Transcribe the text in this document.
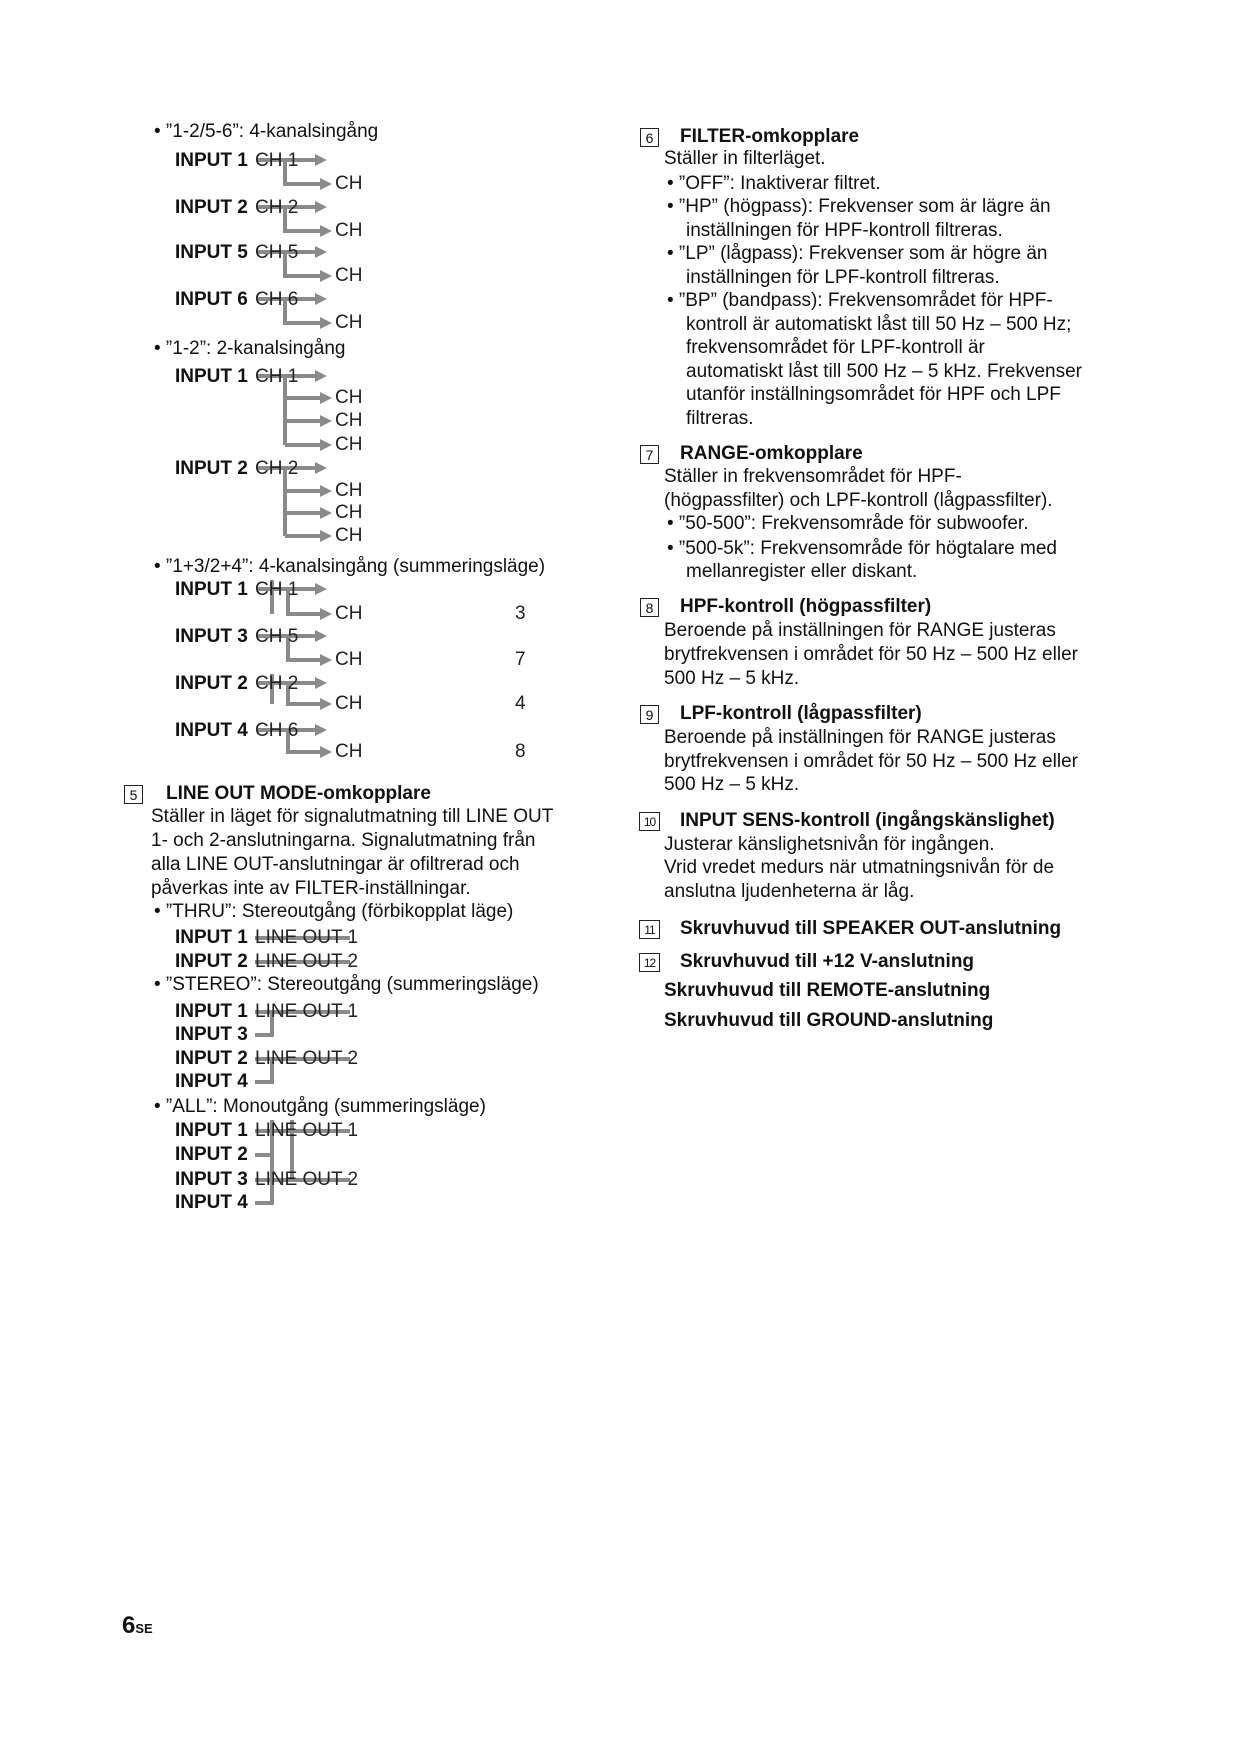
• ”1-2/5-6”: 4-kanalsingång
INPUT 1 CH 1
CH
INPUT 2 CH 2
CH
INPUT 5 CH 5
CH
INPUT 6 CH 6
CH
• ”1-2”: 2-kanalsingång
INPUT 1 CH 1
CH
CH
CH
INPUT 2 CH 2
CH
CH
CH
• ”1+3/2+4”: 4-kanalsingång (summeringsläge)
INPUT 1 CH 1
CH	3
INPUT 3 CH 5
CH	7
INPUT 2 CH 2
CH	4
INPUT 4 CH 6
CH	8
5 LINE OUT MODE-omkopplare
Ställer in läget för signalutmatning till LINE OUT
1- och 2-anslutningarna. Signalutmatning från
alla LINE OUT-anslutningar är ofiltrerad och
påverkas inte av FILTER-inställningar.
• ”THRU”: Stereoutgång (förbikopplat läge)
INPUT 1 LINE OUT 1
INPUT 2 LINE OUT 2
• ”STEREO”: Stereoutgång (summeringsläge)
INPUT 1 LINE OUT 1
INPUT 3
INPUT 2 LINE OUT 2
INPUT 4
• ”ALL”: Monoutgång (summeringsläge)
INPUT 1 LINE OUT 1
INPUT 2
INPUT 3 LINE OUT 2
INPUT 4
6 FILTER-omkopplare
Ställer in filterläget.
• ”OFF”: Inaktiverar filtret.
• ”HP” (högpass): Frekvenser som är lägre än
inställningen för HPF-kontroll filtreras.
• ”LP” (lågpass): Frekvenser som är högre än
inställningen för LPF-kontroll filtreras.
• ”BP” (bandpass): Frekvensområdet för HPF-
kontroll är automatiskt låst till 50 Hz – 500 Hz;
frekvensområdet för LPF-kontroll är
automatiskt låst till 500 Hz – 5 kHz. Frekvenser
utanför inställningsområdet för HPF och LPF
filtreras.
7 RANGE-omkopplare
Ställer in frekvensområdet för HPF-
(högpassfilter) och LPF-kontroll (lågpassfilter).
• ”50-500”: Frekvensområde för subwoofer.
• ”500-5k”: Frekvensområde för högtalare med
mellanregister eller diskant.
8 HPF-kontroll (högpassfilter)
Beroende på inställningen för RANGE justeras
brytfrekvensen i området för 50 Hz – 500 Hz eller
500 Hz – 5 kHz.
9 LPF-kontroll (lågpassfilter)
Beroende på inställningen för RANGE justeras
brytfrekvensen i området för 50 Hz – 500 Hz eller
500 Hz – 5 kHz.
10 INPUT SENS-kontroll (ingångskänslighet)
Justerar känslighetsnivån för ingången.
Vrid vredet medurs när utmatningsnivån för de
anslutna ljudenheterna är låg.
11 Skruvhuvud till SPEAKER OUT-anslutning
12 Skruvhuvud till +12 V-anslutning
Skruvhuvud till REMOTE-anslutning
Skruvhuvud till GROUND-anslutning
6SE
